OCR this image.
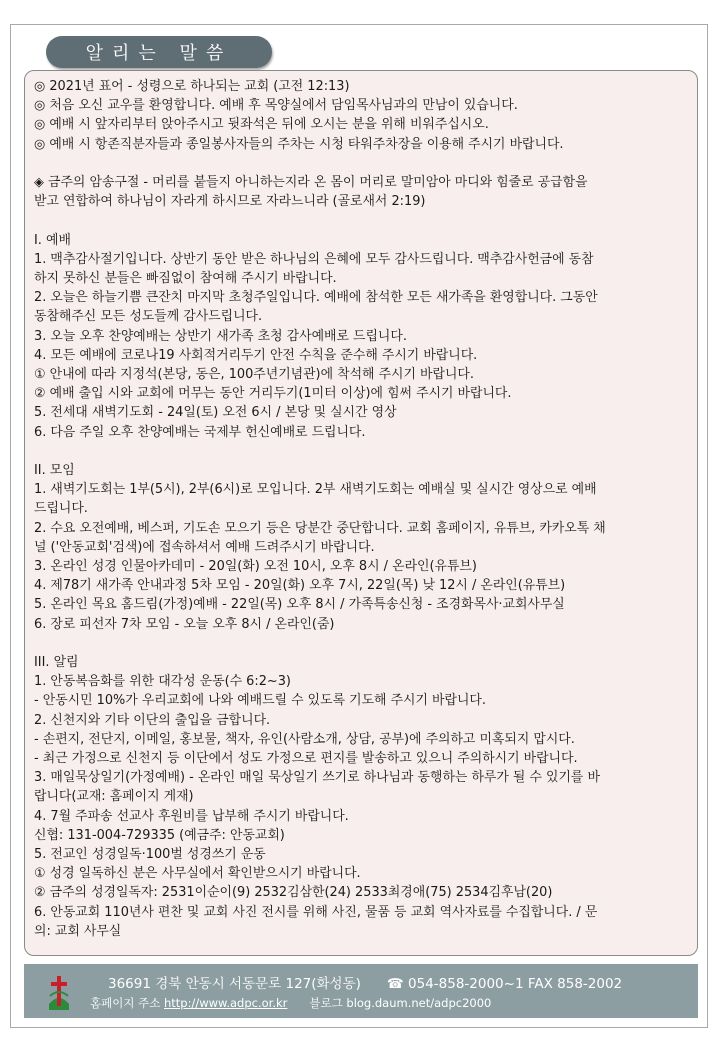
알리는 말씀
◎ 2021년 표어 - 성령으로 하나되는 교회 (고전 12:13)
◎ 처음 오신 교우를 환영합니다. 예배 후 목양실에서 담임목사님과의 만남이 있습니다.
◎ 예배 시 앞자리부터 앉아주시고 뒷좌석은 뒤에 오시는 분을 위해 비워주십시오.
◎ 예배 시 항존직분자들과 종일봉사자들의 주차는 시청 타워주차장을 이용해 주시기 바랍니다.
◈ 금주의 암송구절 - 머리를 붙들지 아니하는지라 온 몸이 머리로 말미암아 마디와 힘줄로 공급함을
받고 연합하여 하나님이 자라게 하시므로 자라느니라 (골로새서 2:19)
I. 예배
1. 맥추감사절기입니다. 상반기 동안 받은 하나님의 은혜에 모두 감사드립니다. 맥추감사헌금에 동참
하지 못하신 분들은 빠짐없이 참여해 주시기 바랍니다.
2. 오늘은 하늘기쁨 큰잔치 마지막 초청주일입니다. 예배에 참석한 모든 새가족을 환영합니다. 그동안
동참해주신 모든 성도들께 감사드립니다.
3. 오늘 오후 찬양예배는 상반기 새가족 초청 감사예배로 드립니다.
4. 모든 예배에 코로나19 사회적거리두기 안전 수칙을 준수해 주시기 바랍니다.
① 안내에 따라 지정석(본당, 동은, 100주년기념관)에 착석해 주시기 바랍니다.
② 예배 출입 시와 교회에 머무는 동안 거리두기(1미터 이상)에 힘써 주시기 바랍니다.
5. 전세대 새벽기도회 - 24일(토) 오전 6시 / 본당 및 실시간 영상
6. 다음 주일 오후 찬양예배는 국제부 헌신예배로 드립니다.
II. 모임
1. 새벽기도회는 1부(5시), 2부(6시)로 모입니다. 2부 새벽기도회는 예배실 및 실시간 영상으로 예배
드립니다.
2. 수요 오전예배, 베스퍼, 기도손 모으기 등은 당분간 중단합니다. 교회 홈페이지, 유튜브, 카카오톡 채
널 ('안동교회'검색)에 접속하셔서 예배 드려주시기 바랍니다.
3. 온라인 성경 인물아카데미 - 20일(화) 오전 10시, 오후 8시 / 온라인(유튜브)
4. 제78기 새가족 안내과정 5차 모임 - 20일(화) 오후 7시, 22일(목) 낮 12시 / 온라인(유튜브)
5. 온라인 목요 홈드림(가정)예배 - 22일(목) 오후 8시 / 가족특송신청 - 조경화목사·교회사무실
6. 장로 피선자 7차 모임 - 오늘 오후 8시 / 온라인(줌)
III. 알림
1. 안동복음화를 위한 대각성 운동(수 6:2~3)
- 안동시민 10%가 우리교회에 나와 예배드릴 수 있도록 기도해 주시기 바랍니다.
2. 신천지와 기타 이단의 출입을 금합니다.
- 손편지, 전단지, 이메일, 홍보물, 책자, 유인(사람소개, 상담, 공부)에 주의하고 미혹되지 맙시다.
- 최근 가정으로 신천지 등 이단에서 성도 가정으로 편지를 발송하고 있으니 주의하시기 바랍니다.
3. 매일묵상일기(가정예배) - 온라인 매일 묵상일기 쓰기로 하나님과 동행하는 하루가 될 수 있기를 바
랍니다(교재: 홈페이지 게재)
4. 7월 주파송 선교사 후원비를 납부해 주시기 바랍니다.
신협: 131-004-729335 (예금주: 안동교회)
5. 전교인 성경일독·100벌 성경쓰기 운동
① 성경 일독하신 분은 사무실에서 확인받으시기 바랍니다.
② 금주의 성경일독자: 2531이순이(9) 2532김삼한(24) 2533최경애(75) 2534김후남(20)
6. 안동교회 110년사 편찬 및 교회 사진 전시를 위해 사진, 물품 등 교회 역사자료를 수집합니다. / 문
의: 교회 사무실
36691 경북 안동시 서동문로 127(화성동) ☎ 054-858-2000~1 FAX 858-2002
홈페이지 주소 http://www.adpc.or.kr 블로그 blog.daum.net/adpc2000
